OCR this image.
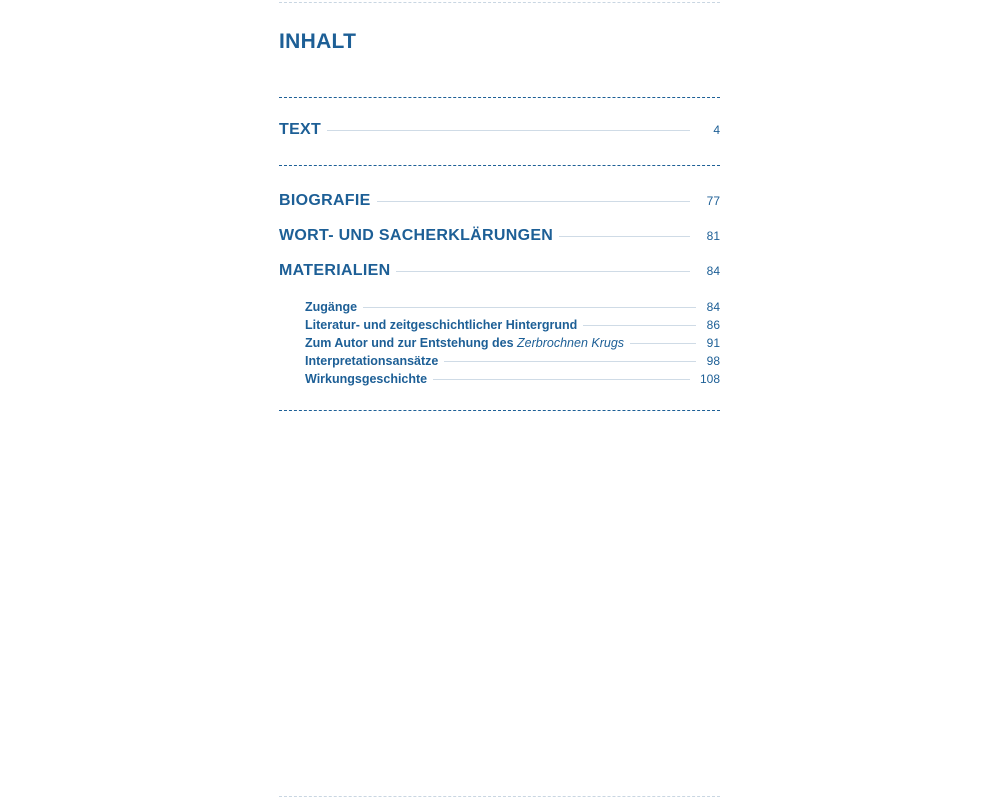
INHALT
TEXT	4
BIOGRAFIE	77
WORT- UND SACHERKLÄRUNGEN	81
MATERIALIEN	84
Zugänge	84
Literatur- und zeitgeschichtlicher Hintergrund	86
Zum Autor und zur Entstehung des Zerbrochnen Krugs	91
Interpretationsansätze	98
Wirkungsgeschichte	108
